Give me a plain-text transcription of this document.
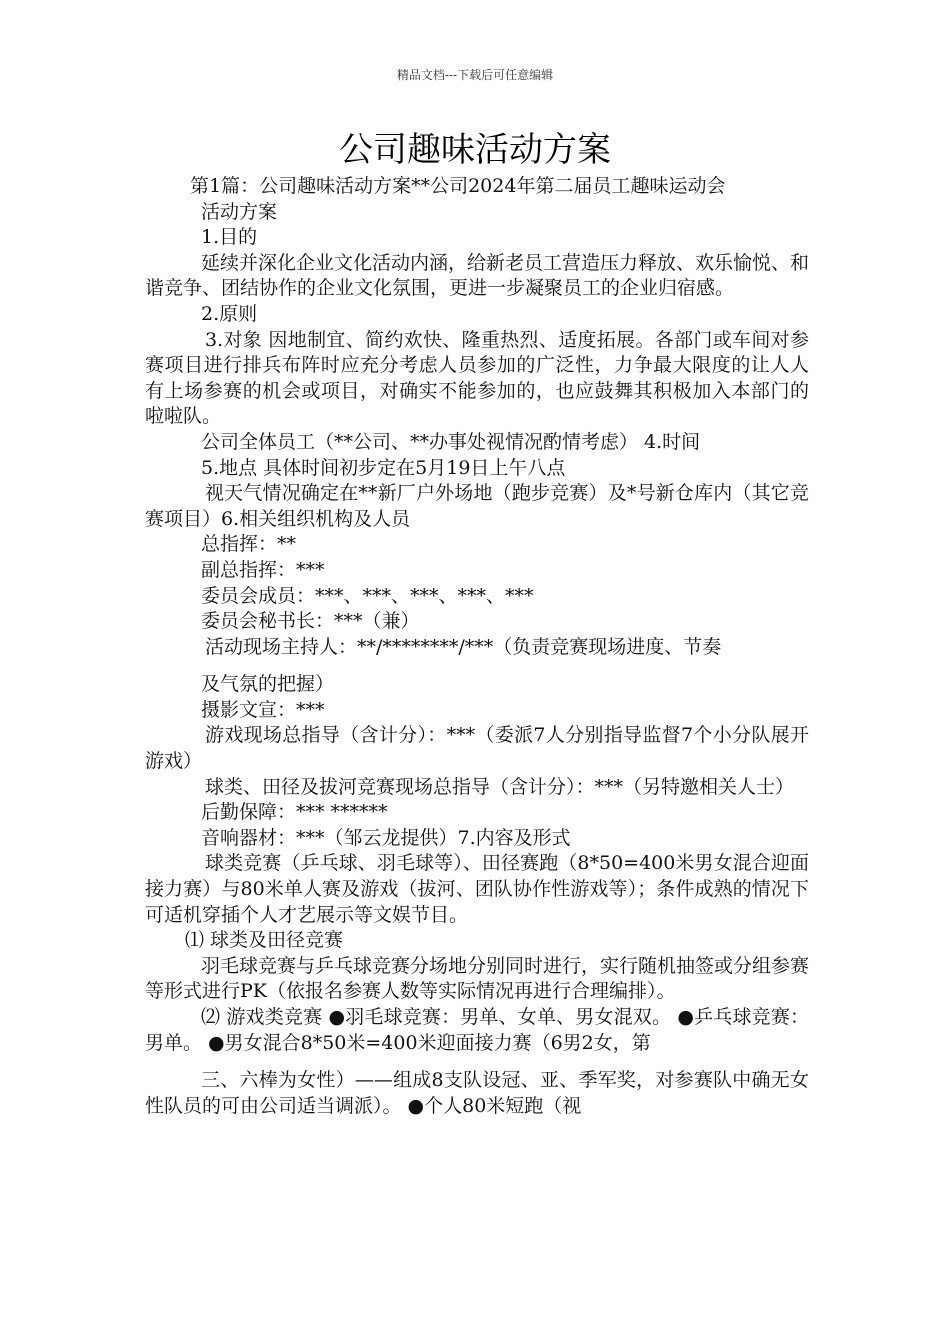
精品文档---下载后可任意编辑
公司趣味活动方案

第1篇：公司趣味活动方案**公司2024年第二届员工趣味运动会

活动方案

1.目的

延续并深化企业文化活动内涵，给新老员工营造压力释放、欢乐愉悦、和谐竞争、团结协作的企业文化氛围，更进一步凝聚员工的企业归宿感。

2.原则

3.对象 因地制宜、简约欢快、隆重热烈、适度拓展。各部门或车间对参赛项目进行排兵布阵时应充分考虑人员参加的广泛性，力争最大限度的让人人有上场参赛的机会或项目，对确实不能参加的，也应鼓舞其积极加入本部门的啦啦队。

公司全体员工（**公司、**办事处视情况酌情考虑） 4.时间

5.地点 具体时间初步定在5月19日上午八点

视天气情况确定在**新厂户外场地（跑步竞赛）及*号新仓库内（其它竞赛项目）6.相关组织机构及人员

总指挥：**

副总指挥：***

委员会成员：***、***、***、***、***

委员会秘书长：***（兼）

活动现场主持人：**/********/***（负责竞赛现场进度、节奏

及气氛的把握）

摄影文宣：***

游戏现场总指导（含计分）：***（委派7人分别指导监督7个小分队展开游戏）

球类、田径及拔河竞赛现场总指导（含计分）：***（另特邀相关人士）

后勤保障：*** ******

音响器材：***（邹云龙提供）7.内容及形式

球类竞赛（乒乓球、羽毛球等）、田径赛跑（8*50=400米男女混合迎面接力赛）与80米单人赛及游戏（拔河、团队协作性游戏等）；条件成熟的情况下可适机穿插个人才艺展示等文娱节目。

⑴ 球类及田径竞赛

羽毛球竞赛与乒乓球竞赛分场地分别同时进行，实行随机抽签或分组参赛等形式进行PK（依报名参赛人数等实际情况再进行合理编排）。

⑵ 游戏类竞赛 ●羽毛球竞赛：男单、女单、男女混双。 ●乒乓球竞赛：男单。 ●男女混合8*50米=400米迎面接力赛（6男2女，第

三、六棒为女性）——组成8支队设冠、亚、季军奖，对参赛队中确无女性队员的可由公司适当调派）。 ●个人80米短跑（视
